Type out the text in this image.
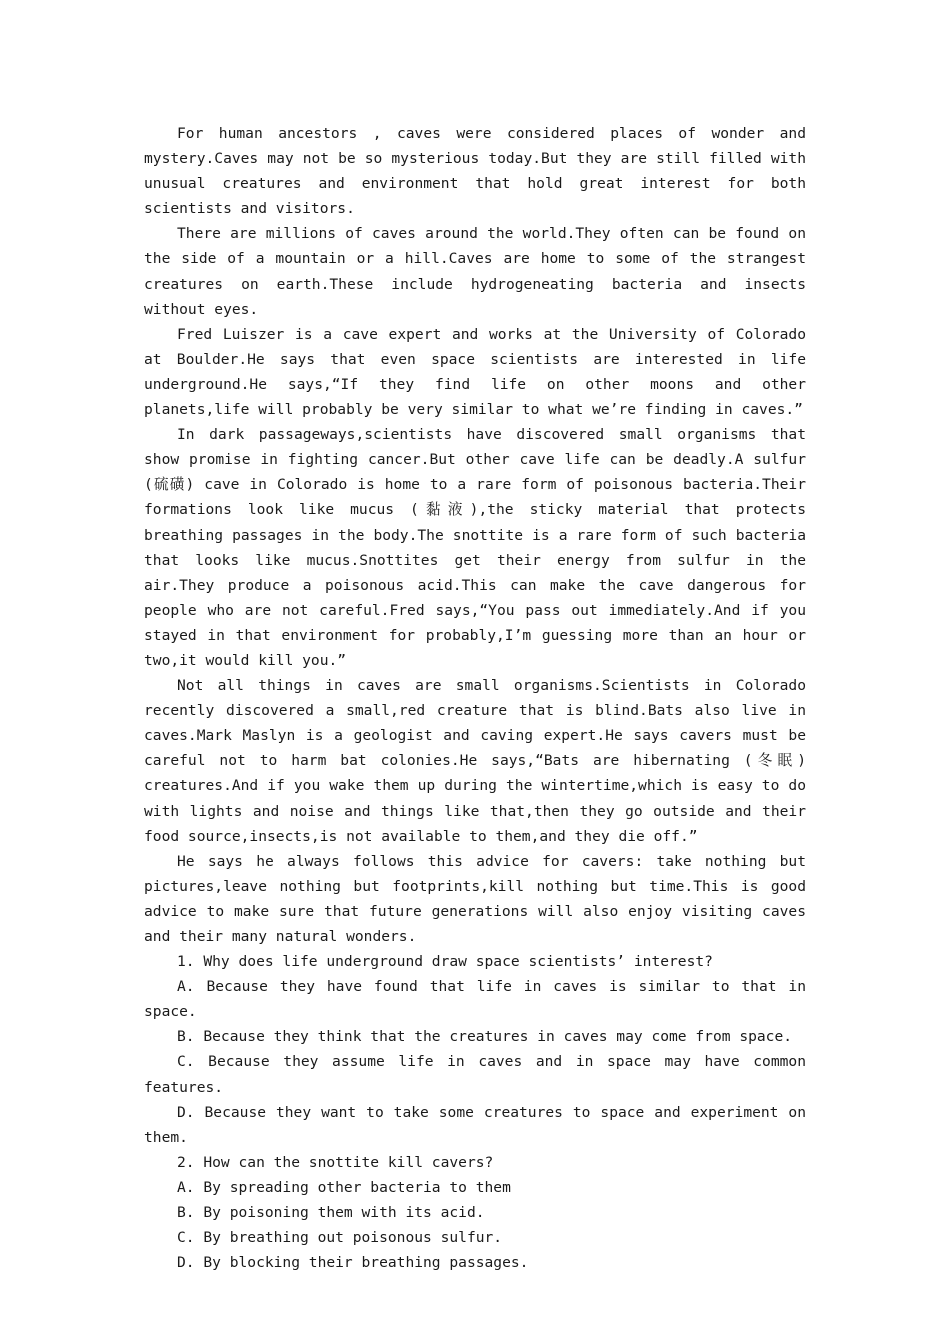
For human ancestors , caves were considered places of wonder and mystery.Caves may not be so mysterious today.But they are still filled with unusual creatures and environment that hold great interest for both scientists and visitors.

There are millions of caves around the world.They often can be found on the side of a mountain or a hill.Caves are home to some of the strangest creatures on earth.These include hydrogeneating bacteria and insects without eyes.

Fred Luiszer is a cave expert and works at the University of Colorado at Boulder.He says that even space scientists are interested in life underground.He says,“If they find life on other moons and other planets,life will probably be very similar to what we’re finding in caves.”

In dark passageways,scientists have discovered small organisms that show promise in fighting cancer.But other cave life can be deadly.A sulfur (硫磺) cave in Colorado is home to a rare form of poisonous bacteria.Their formations look like mucus (黏液),the sticky material that protects breathing passages in the body.The snottite is a rare form of such bacteria that looks like mucus.Snottites get their energy from sulfur in the air.They produce a poisonous acid.This can make the cave dangerous for people who are not careful.Fred says,“You pass out immediately.And if you stayed in that environment for probably,I’m guessing more than an hour or two,it would kill you.”

Not all things in caves are small organisms.Scientists in Colorado recently discovered a small,red creature that is blind.Bats also live in caves.Mark Maslyn is a geologist and caving expert.He says cavers must be careful not to harm bat colonies.He says,“Bats are hibernating (冬眠) creatures.And if you wake them up during the wintertime,which is easy to do with lights and noise and things like that,then they go outside and their food source,insects,is not available to them,and they die off.”

He says he always follows this advice for cavers: take nothing but pictures,leave nothing but footprints,kill nothing but time.This is good advice to make sure that future generations will also enjoy visiting caves and their many natural wonders.

1. Why does life underground draw space scientists’ interest?

A. Because they have found that life in caves is similar to that in space.

B. Because they think that the creatures in caves may come from space.

C. Because they assume life in caves and in space may have common features.

D. Because they want to take some creatures to space and experiment on them.

2. How can the snottite kill cavers?

A. By spreading other bacteria to them

B. By poisoning them with its acid.

C. By breathing out poisonous sulfur.

D. By blocking their breathing passages.
